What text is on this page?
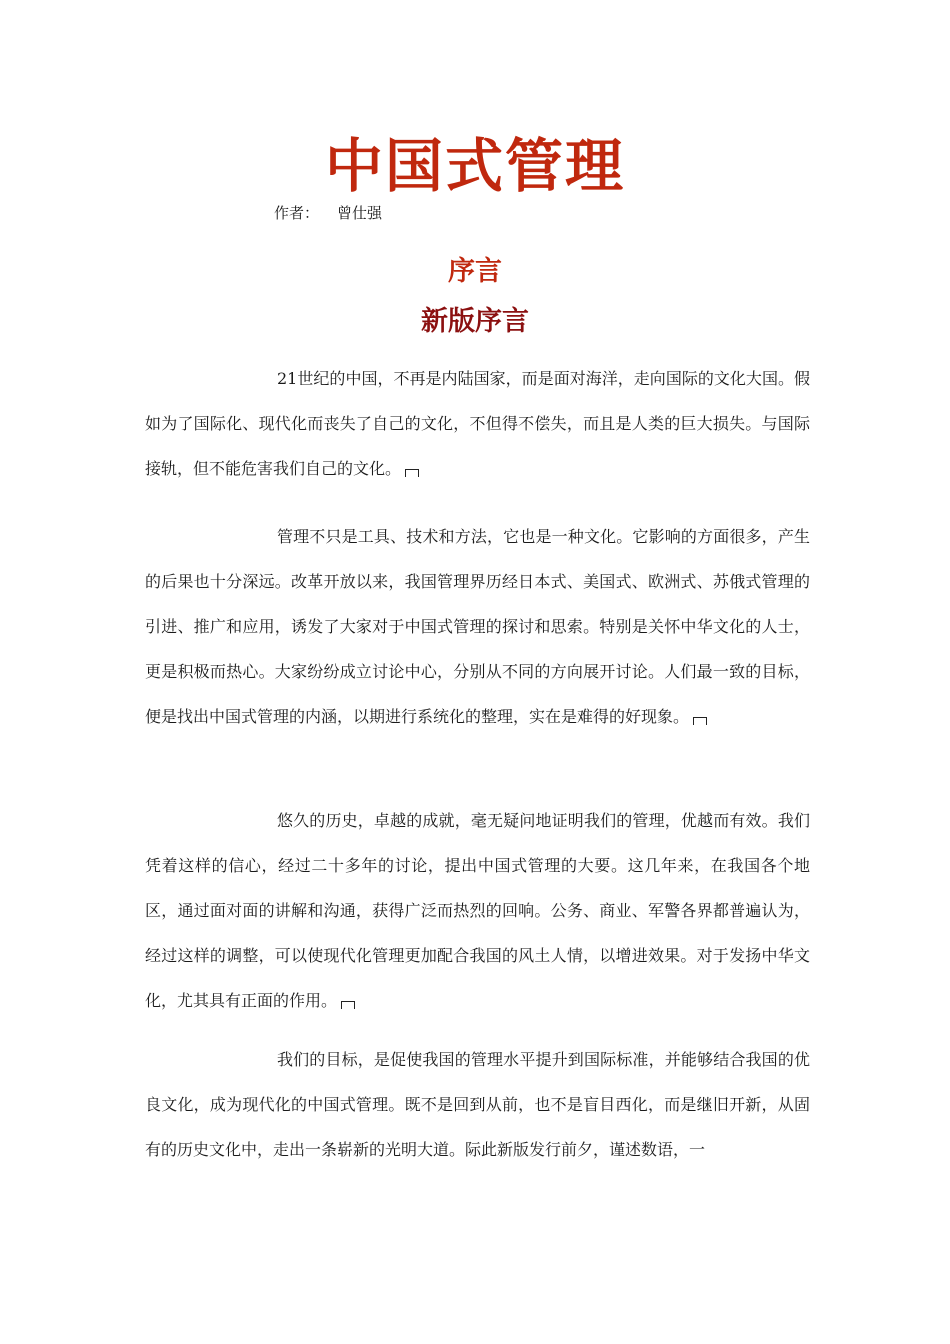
中国式管理
作者： 曾仕强
序言
新版序言

21世纪的中国，不再是内陆国家，而是面对海洋，走向国际的文化大国。假如为了国际化、现代化而丧失了自己的文化，不但得不偿失，而且是人类的巨大损失。与国际接轨，但不能危害我们自己的文化。

管理不只是工具、技术和方法，它也是一种文化。它影响的方面很多，产生的后果也十分深远。改革开放以来，我国管理界历经日本式、美国式、欧洲式、苏俄式管理的引进、推广和应用，诱发了大家对于中国式管理的探讨和思索。特别是关怀中华文化的人士，更是积极而热心。大家纷纷成立讨论中心，分别从不同的方向展开讨论。人们最一致的目标，便是找出中国式管理的内涵，以期进行系统化的整理，实在是难得的好现象。

悠久的历史，卓越的成就，毫无疑问地证明我们的管理，优越而有效。我们凭着这样的信心，经过二十多年的讨论，提出中国式管理的大要。这几年来，在我国各个地区，通过面对面的讲解和沟通，获得广泛而热烈的回响。公务、商业、军警各界都普遍认为，经过这样的调整，可以使现代化管理更加配合我国的风土人情，以增进效果。对于发扬中华文化，尤其具有正面的作用。

我们的目标，是促使我国的管理水平提升到国际标准，并能够结合我国的优良文化，成为现代化的中国式管理。既不是回到从前，也不是盲目西化，而是继旧开新，从固有的历史文化中，走出一条崭新的光明大道。际此新版发行前夕，谨述数语，一
